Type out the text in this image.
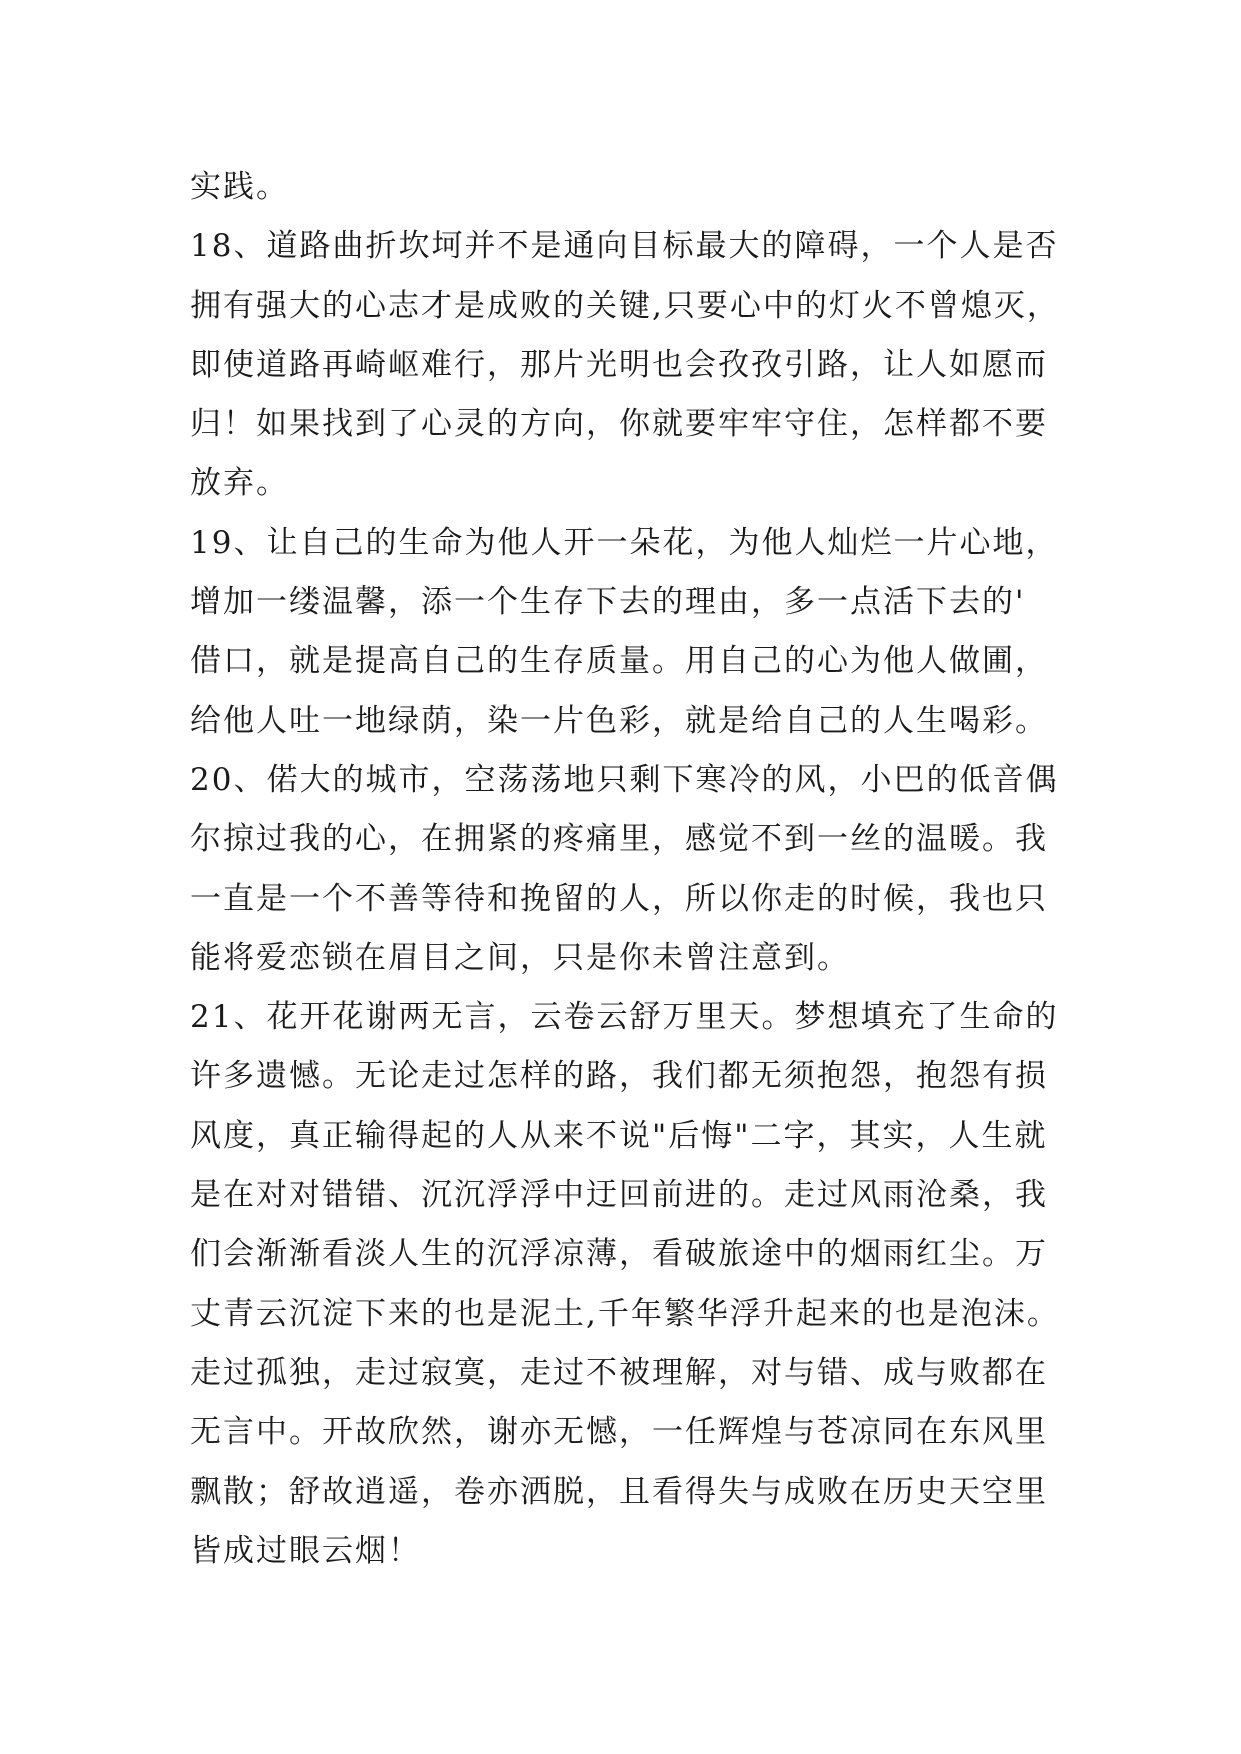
实践。
18、道路曲折坎坷并不是通向目标最大的障碍，一个人是否
拥有强大的心志才是成败的关键,只要心中的灯火不曾熄灭，
即使道路再崎岖难行，那片光明也会孜孜引路，让人如愿而
归！如果找到了心灵的方向，你就要牢牢守住，怎样都不要
放弃。
19、让自己的生命为他人开一朵花，为他人灿烂一片心地，
增加一缕温馨，添一个生存下去的理由，多一点活下去的'
借口，就是提高自己的生存质量。用自己的心为他人做圃，
给他人吐一地绿荫，染一片色彩，就是给自己的人生喝彩。
20、偌大的城市，空荡荡地只剩下寒冷的风，小巴的低音偶
尔掠过我的心，在拥紧的疼痛里，感觉不到一丝的温暖。我
一直是一个不善等待和挽留的人，所以你走的时候，我也只
能将爱恋锁在眉目之间，只是你未曾注意到。
21、花开花谢两无言，云卷云舒万里天。梦想填充了生命的
许多遗憾。无论走过怎样的路，我们都无须抱怨，抱怨有损
风度，真正输得起的人从来不说"后悔"二字，其实，人生就
是在对对错错、沉沉浮浮中迂回前进的。走过风雨沧桑，我
们会渐渐看淡人生的沉浮凉薄，看破旅途中的烟雨红尘。万
丈青云沉淀下来的也是泥土,千年繁华浮升起来的也是泡沫。
走过孤独，走过寂寞，走过不被理解，对与错、成与败都在
无言中。开故欣然，谢亦无憾，一任辉煌与苍凉同在东风里
飘散；舒故逍遥，卷亦洒脱，且看得失与成败在历史天空里
皆成过眼云烟！
